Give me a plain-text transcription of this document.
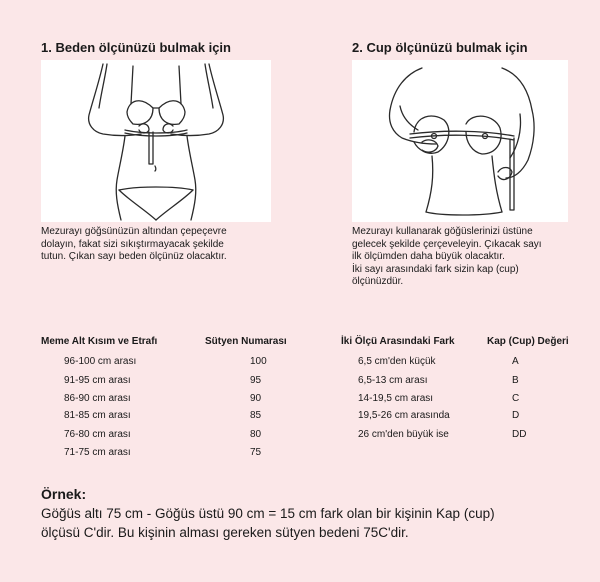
1. Beden ölçünüzü bulmak için
Mezurayı göğsünüzün altından çepeçevre
dolayın, fakat sizi sıkıştırmayacak şekilde
tutun. Çıkan sayı beden ölçünüz olacaktır.
2. Cup ölçünüzü bulmak için
Mezurayı kullanarak göğüslerinizi üstüne
gelecek şekilde çerçeveleyin. Çıkacak sayı
ilk ölçümden daha büyük olacaktır.
İki sayı arasındaki fark sizin kap (cup)
ölçünüzdür.
Meme Alt Kısım ve Etrafı	Sütyen Numarası
96-100 cm arası	100
91-95 cm arası	95
86-90 cm arası	90
81-85 cm arası	85
76-80 cm arası	80
71-75 cm arası	75
İki Ölçü Arasındaki Fark	Kap (Cup) Değeri
6,5 cm'den küçük	A
6,5-13 cm arası	B
14-19,5 cm arası	C
19,5-26 cm arasında	D
26 cm'den büyük ise	DD
Örnek:
Göğüs altı 75 cm - Göğüs üstü 90 cm = 15 cm fark olan bir kişinin Kap (cup)
ölçüsü C'dir. Bu kişinin alması gereken sütyen bedeni 75C'dir.
